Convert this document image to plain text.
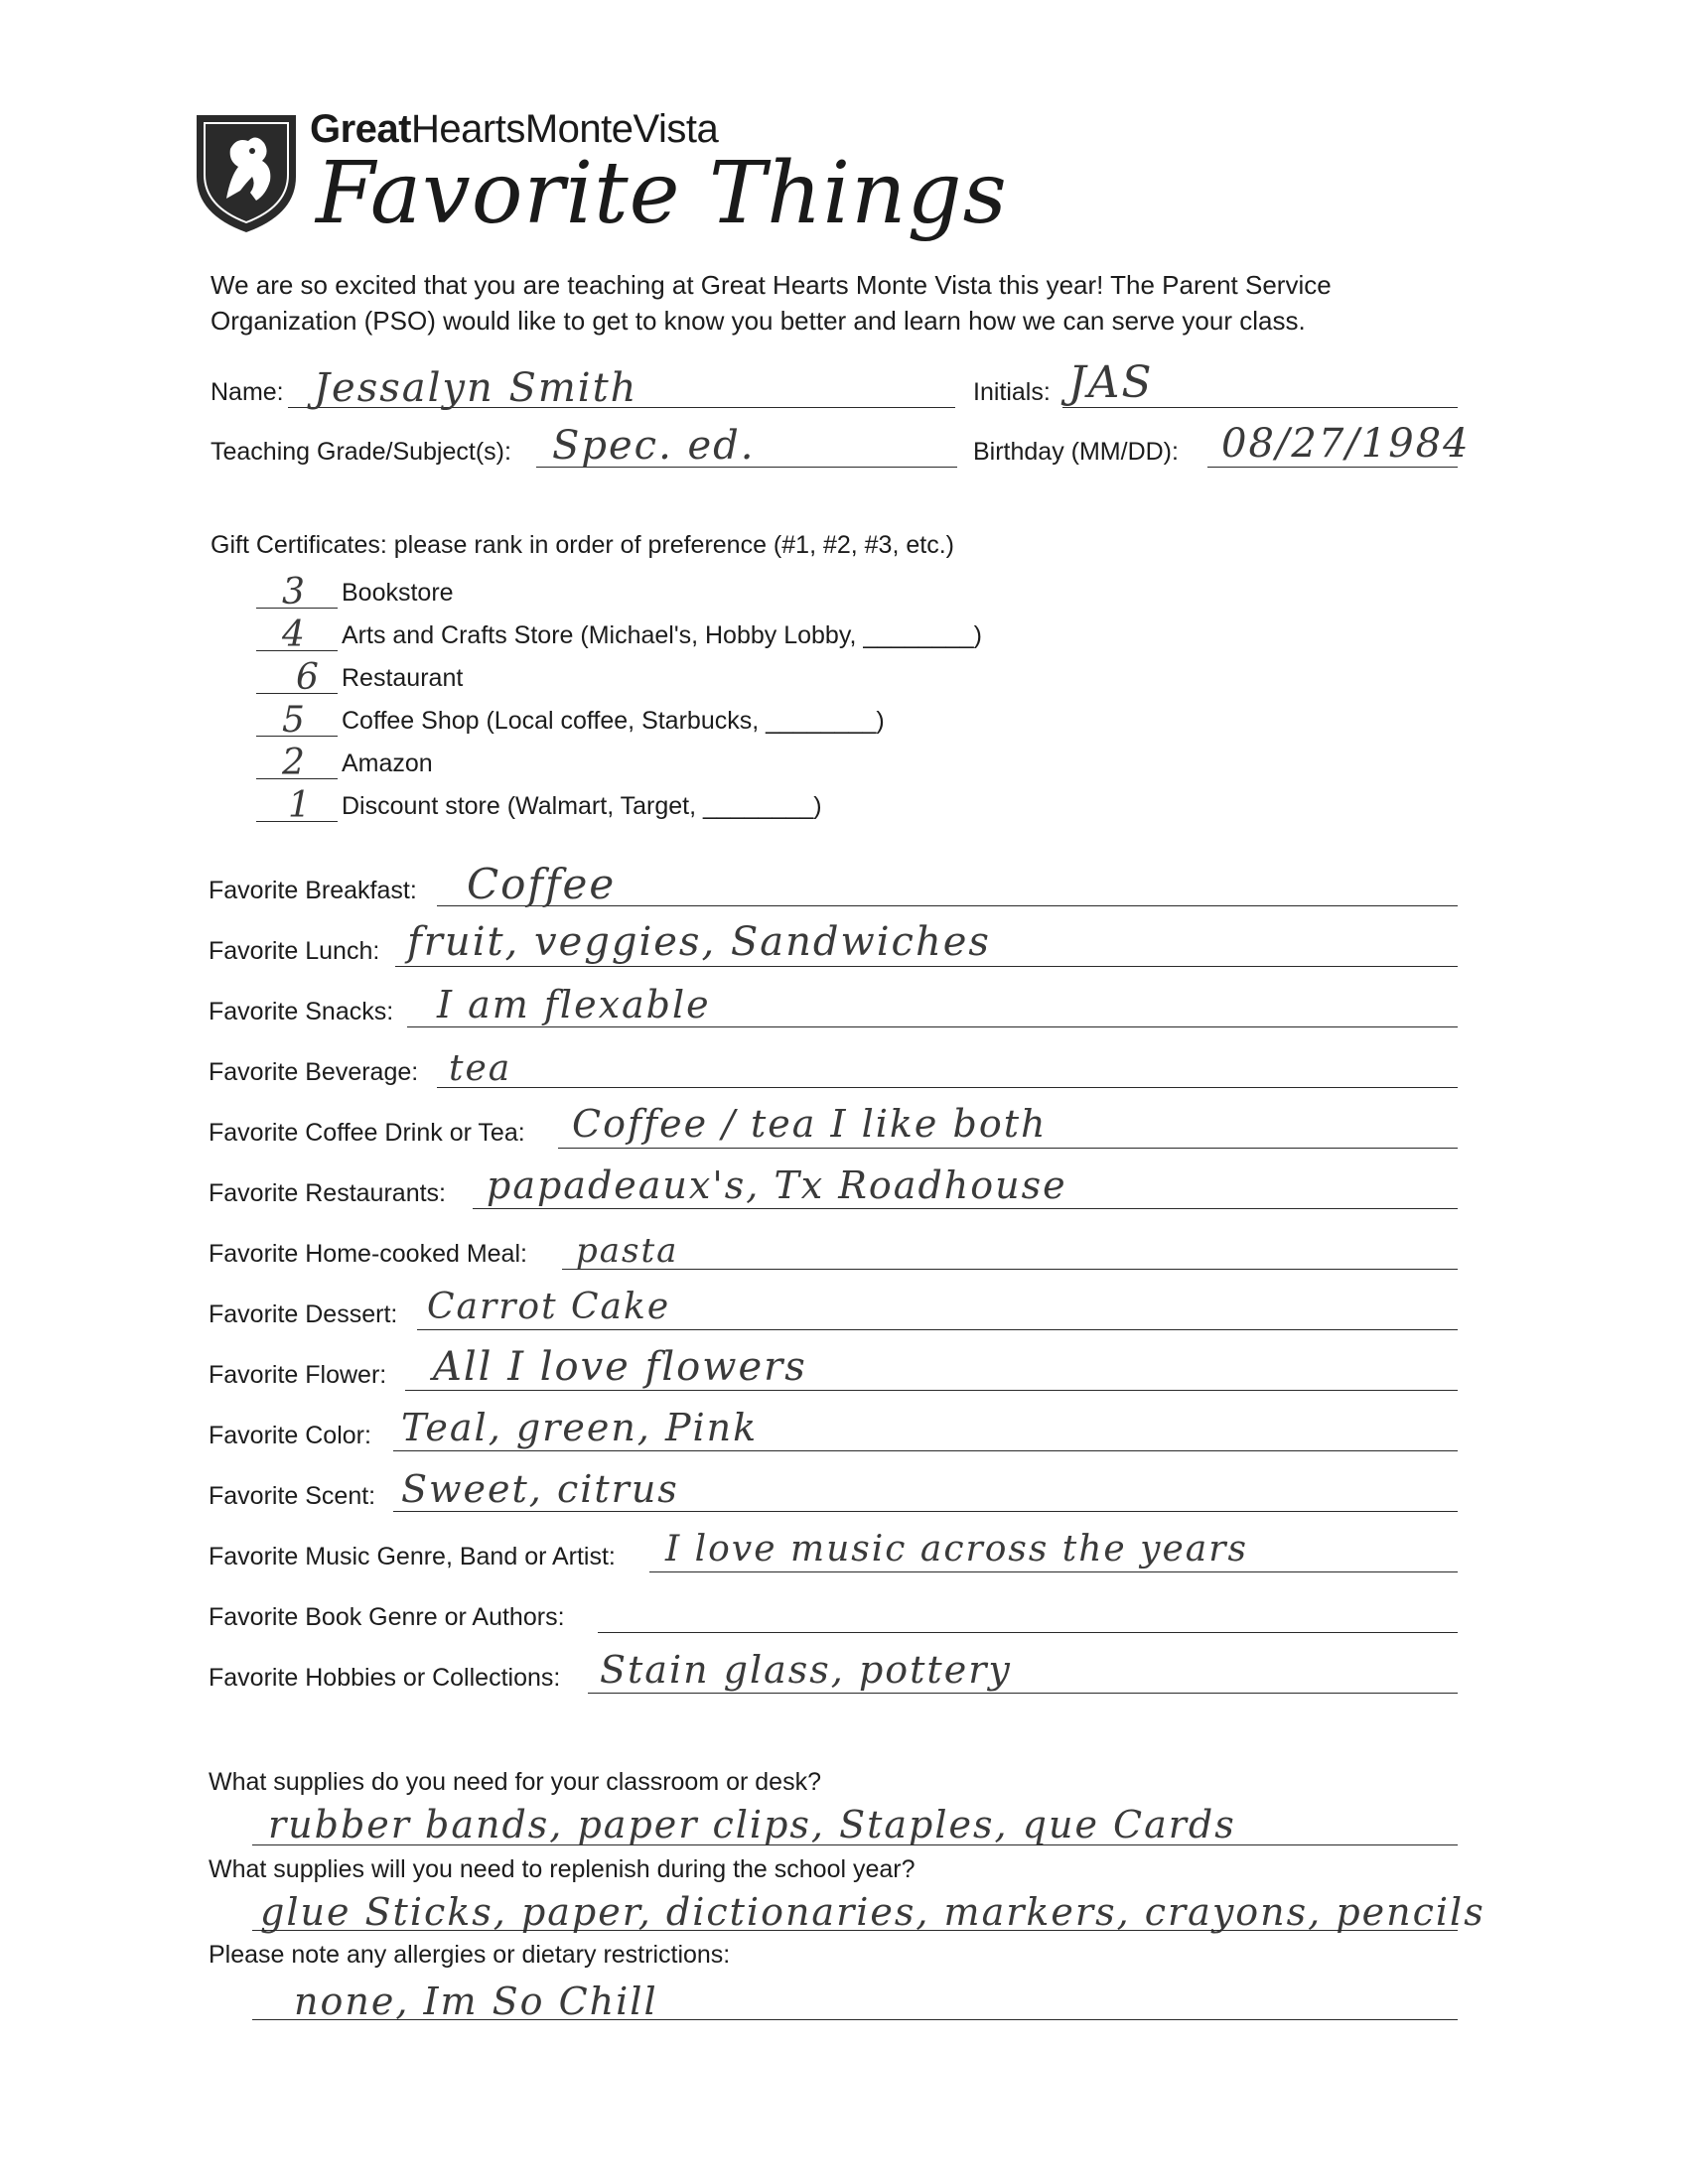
GreatHeartsMonteVista
Favorite Things
We are so excited that you are teaching at Great Hearts Monte Vista this year! The Parent Service
Organization (PSO) would like to get to know you better and learn how we can serve your class.
Name: Jessalyn Smith	Initials: JAS
Teaching Grade/Subject(s): Spec. ed.	Birthday (MM/DD): 08/27/1984
Gift Certificates: please rank in order of preference (#1, #2, #3, etc.)
3 Bookstore
4 Arts and Crafts Store (Michael's, Hobby Lobby, ________)
6 Restaurant
5 Coffee Shop (Local coffee, Starbucks, ________)
2 Amazon
1 Discount store (Walmart, Target, ________)
Favorite Breakfast: Coffee
Favorite Lunch: fruit, veggies, Sandwiches
Favorite Snacks: I am flexable
Favorite Beverage: tea
Favorite Coffee Drink or Tea: Coffee / tea I like both
Favorite Restaurants: papadeaux's, Tx Roadhouse
Favorite Home-cooked Meal: pasta
Favorite Dessert: Carrot Cake
Favorite Flower: All I love flowers
Favorite Color: Teal, green, Pink
Favorite Scent: Sweet, citrus
Favorite Music Genre, Band or Artist: I love music across the years
Favorite Book Genre or Authors:
Favorite Hobbies or Collections: Stain glass, pottery
What supplies do you need for your classroom or desk?
rubber bands, paper clips, Staples, que Cards
What supplies will you need to replenish during the school year?
glue Sticks, paper, dictionaries, markers, crayons, pencils
Please note any allergies or dietary restrictions:
none, Im So Chill
